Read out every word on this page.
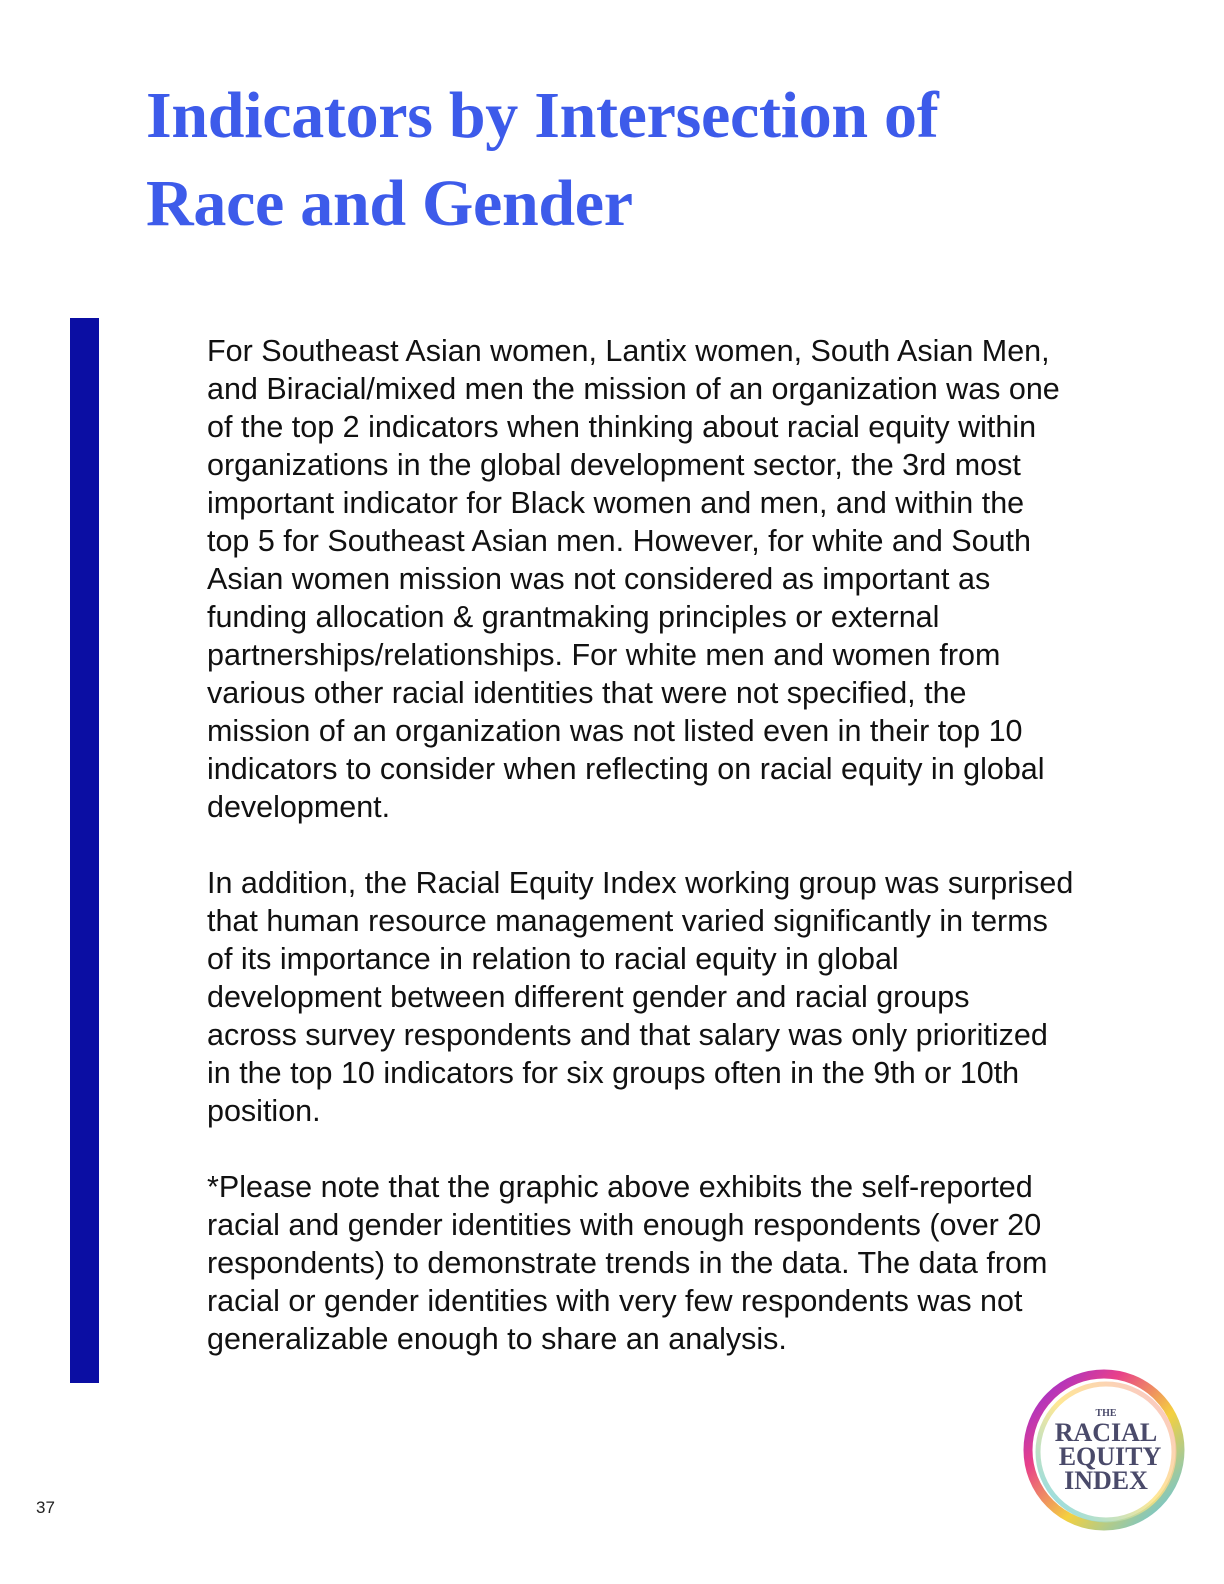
Indicators by Intersection of
Race and Gender

For Southeast Asian women, Lantix women, South Asian Men,
and Biracial/mixed men the mission of an organization was one
of the top 2 indicators when thinking about racial equity within
organizations in the global development sector, the 3rd most
important indicator for Black women and men, and within the
top 5 for Southeast Asian men. However, for white and South
Asian women mission was not considered as important as
funding allocation & grantmaking principles or external
partnerships/relationships. For white men and women from
various other racial identities that were not specified, the
mission of an organization was not listed even in their top 10
indicators to consider when reflecting on racial equity in global
development.

In addition, the Racial Equity Index working group was surprised
that human resource management varied significantly in terms
of its importance in relation to racial equity in global
development between different gender and racial groups
across survey respondents and that salary was only prioritized
in the top 10 indicators for six groups often in the 9th or 10th
position.

*Please note that the graphic above exhibits the self-reported
racial and gender identities with enough respondents (over 20
respondents) to demonstrate trends in the data. The data from
racial or gender identities with very few respondents was not
generalizable enough to share an analysis.

37
THE
RACIAL
EQUITY
INDEX
